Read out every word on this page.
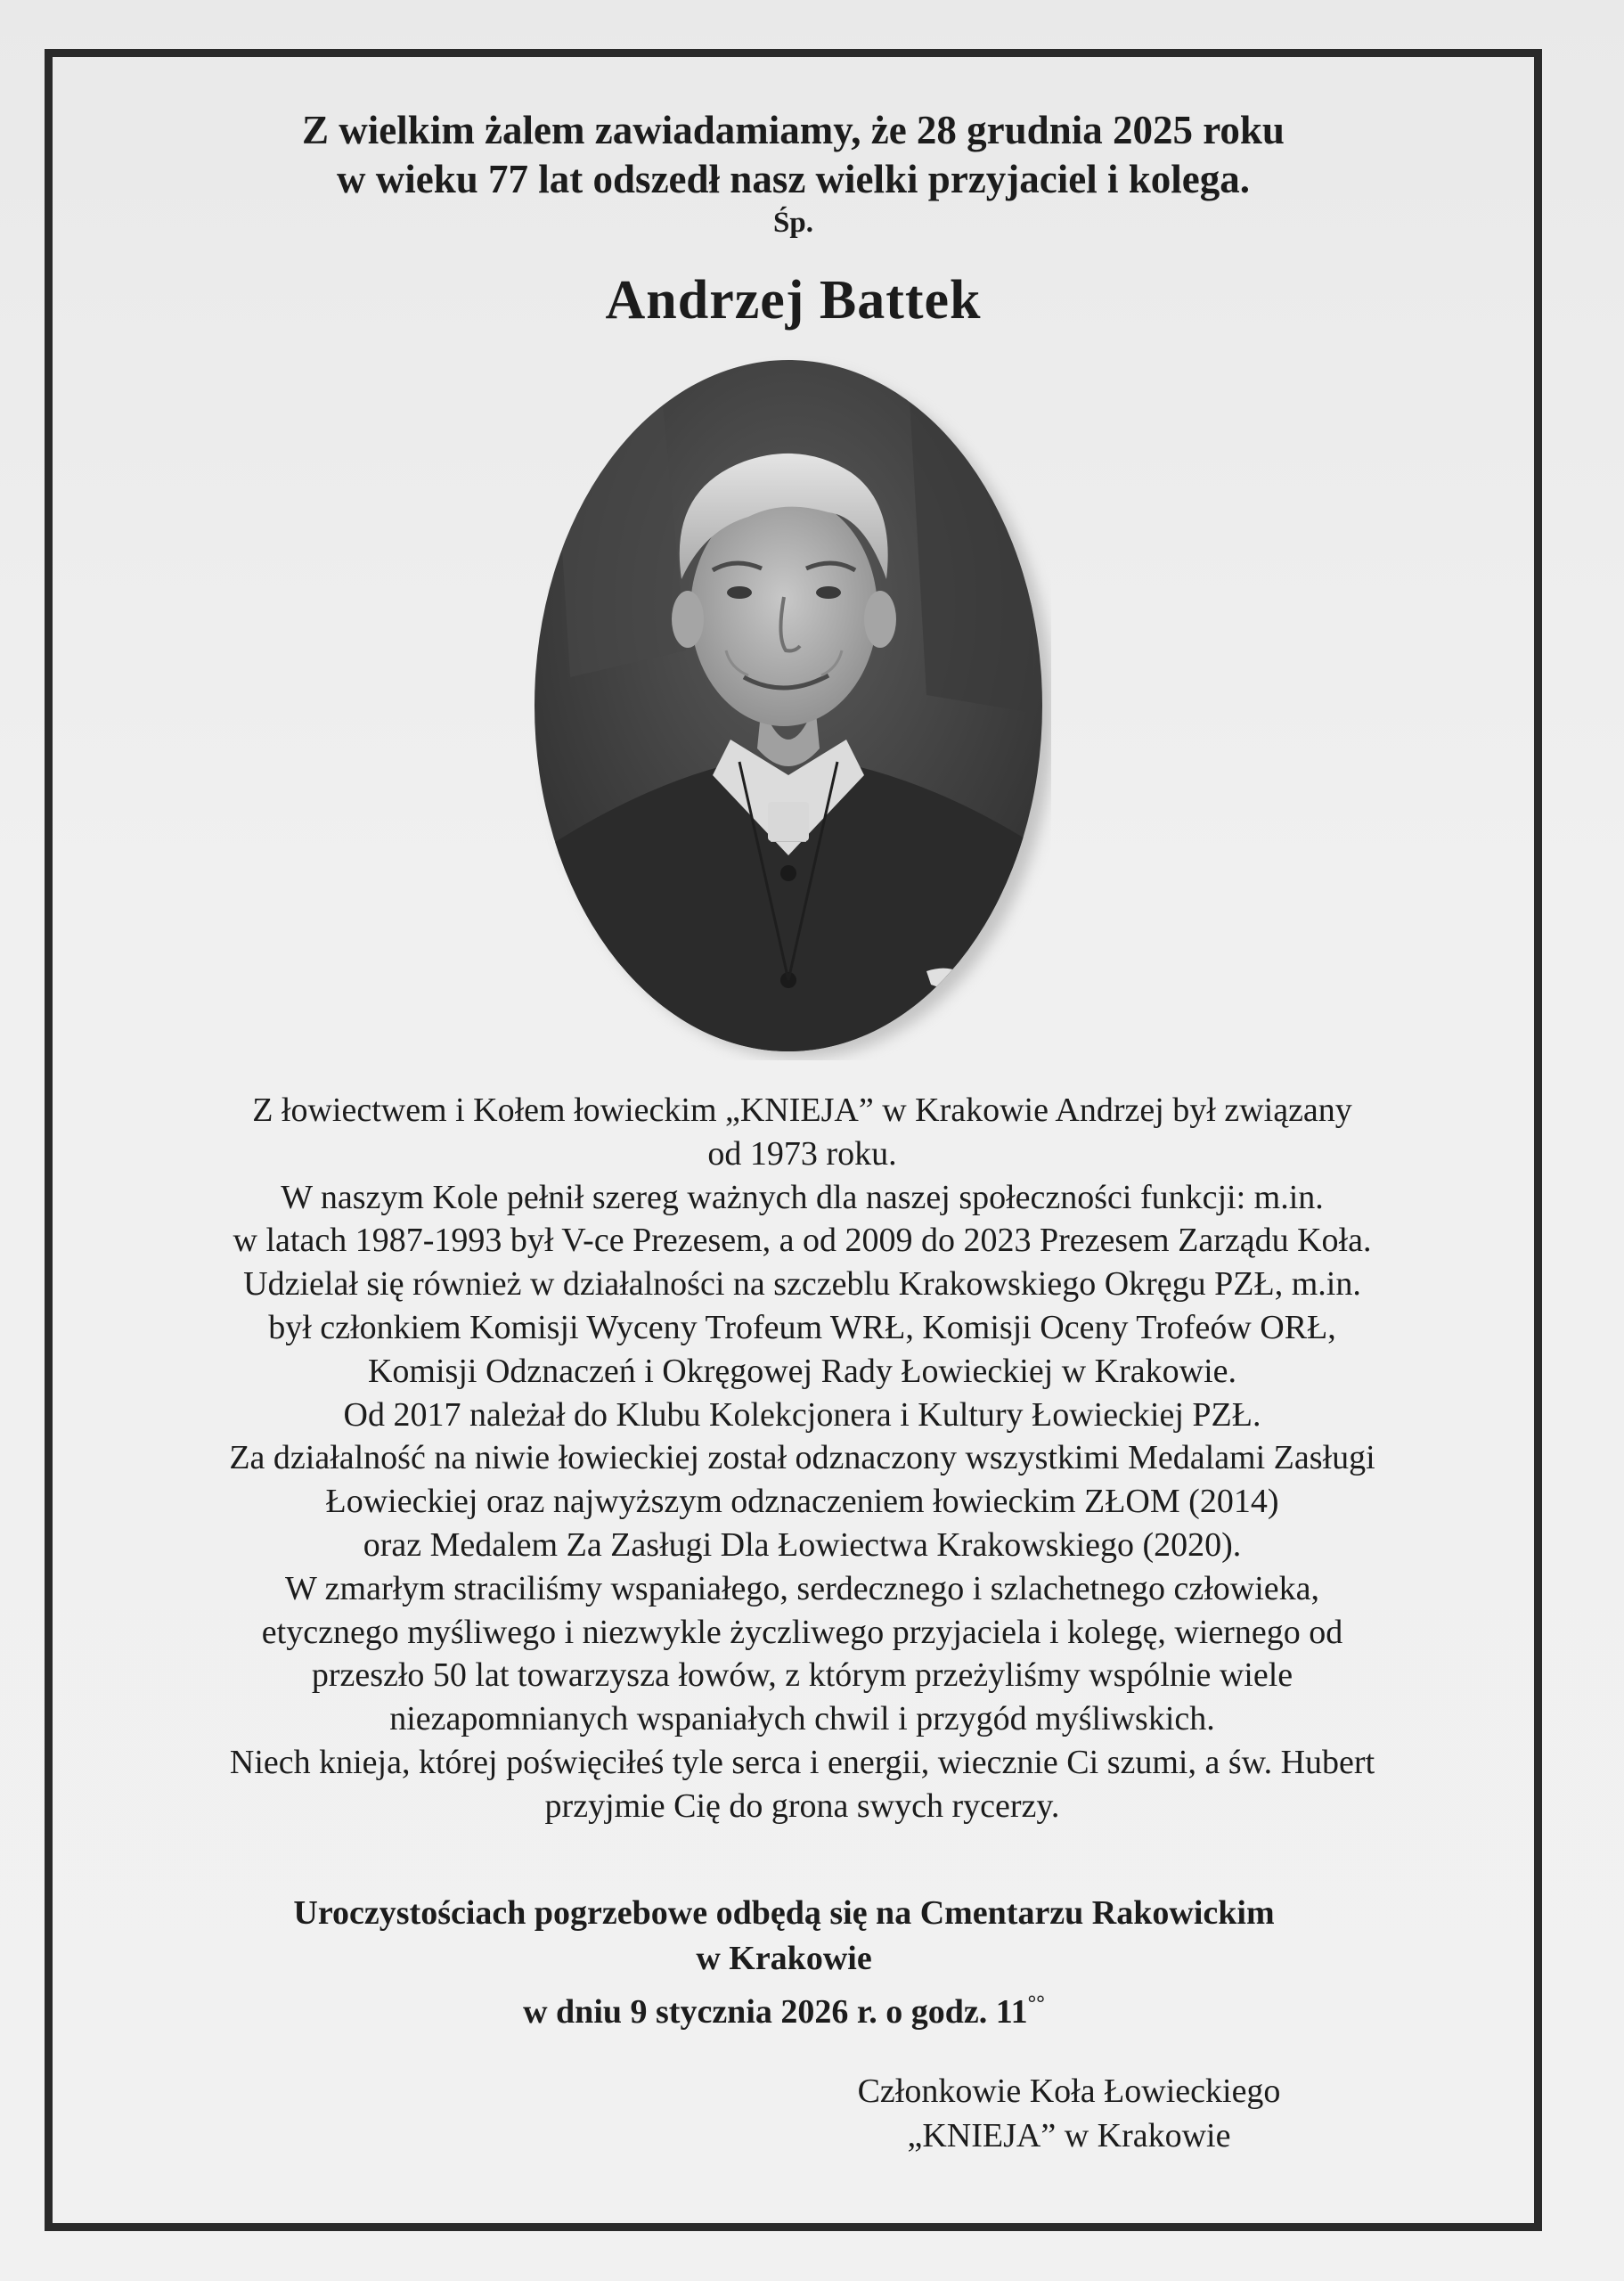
Z wielkim żalem zawiadamiamy, że 28 grudnia 2025 roku
w wieku 77 lat odszedł nasz wielki przyjaciel i kolega.
Śp.
Andrzej Battek
Z łowiectwem i Kołem łowieckim „KNIEJA” w Krakowie Andrzej był związany
od 1973 roku.
W naszym Kole pełnił szereg ważnych dla naszej społeczności funkcji: m.in.
w latach 1987-1993 był V-ce Prezesem, a od 2009 do 2023 Prezesem Zarządu Koła.
Udzielał się również w działalności na szczeblu Krakowskiego Okręgu PZŁ, m.in.
był członkiem Komisji Wyceny Trofeum WRŁ, Komisji Oceny Trofeów ORŁ,
Komisji Odznaczeń i Okręgowej Rady Łowieckiej w Krakowie.
Od 2017 należał do Klubu Kolekcjonera i Kultury Łowieckiej PZŁ.
Za działalność na niwie łowieckiej został odznaczony wszystkimi Medalami Zasługi
Łowieckiej oraz najwyższym odznaczeniem łowieckim ZŁOM (2014)
oraz Medalem Za Zasługi Dla Łowiectwa Krakowskiego (2020).
W zmarłym straciliśmy wspaniałego, serdecznego i szlachetnego człowieka,
etycznego myśliwego i niezwykle życzliwego przyjaciela i kolegę, wiernego od
przeszło 50 lat towarzysza łowów, z którym przeżyliśmy wspólnie wiele
niezapomnianych wspaniałych chwil i przygód myśliwskich.
Niech knieja, której poświęciłeś tyle serca i energii, wiecznie Ci szumi, a św. Hubert
przyjmie Cię do grona swych rycerzy.
Uroczystościach pogrzebowe odbędą się na Cmentarzu Rakowickim
w Krakowie
w dniu 9 stycznia 2026 r. o godz. 11°°
Członkowie Koła Łowieckiego
„KNIEJA” w Krakowie
